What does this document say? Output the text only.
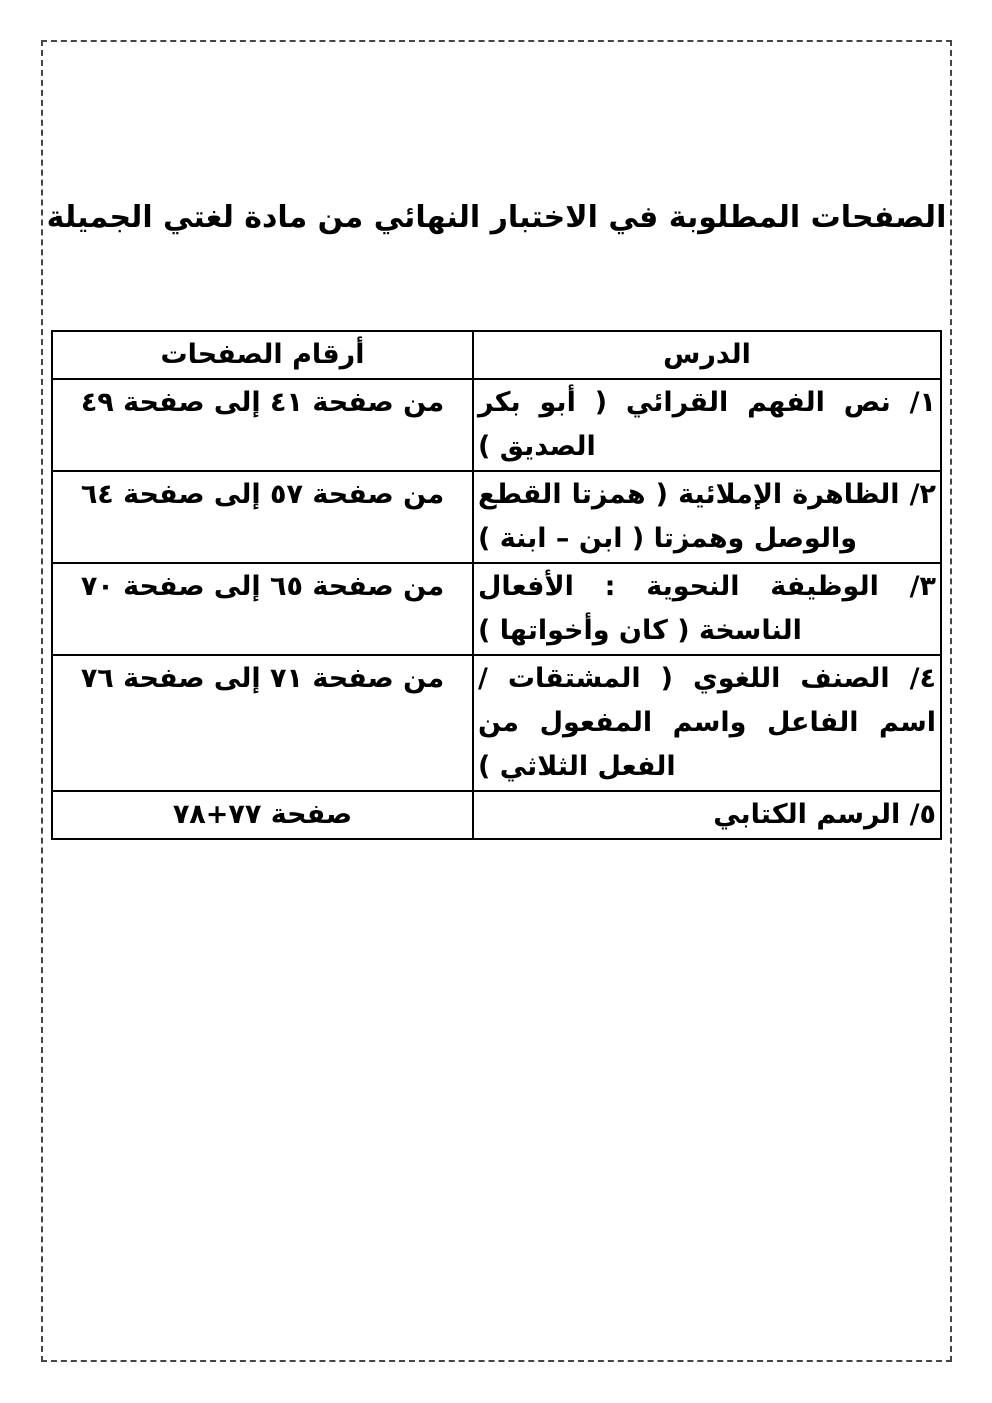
الصفحات المطلوبة في الاختبار النهائي من مادة لغتي الجميلة
الدرس	أرقام الصفحات
١/ نص الفهم القرائي ( أبو بكر الصديق )	من صفحة ٤١ إلى صفحة ٤٩
٢/ الظاهرة الإملائية ( همزتا القطع والوصل وهمزتا ( ابن – ابنة )	من صفحة ٥٧ إلى صفحة ٦٤
٣/ الوظيفة النحوية : الأفعال الناسخة ( كان وأخواتها )	من صفحة ٦٥ إلى صفحة ٧٠
٤/ الصنف اللغوي ( المشتقات / اسم الفاعل واسم المفعول من الفعل الثلاثي )	من صفحة ٧١ إلى صفحة ٧٦
٥/ الرسم الكتابي	صفحة ٧٧+٧٨
